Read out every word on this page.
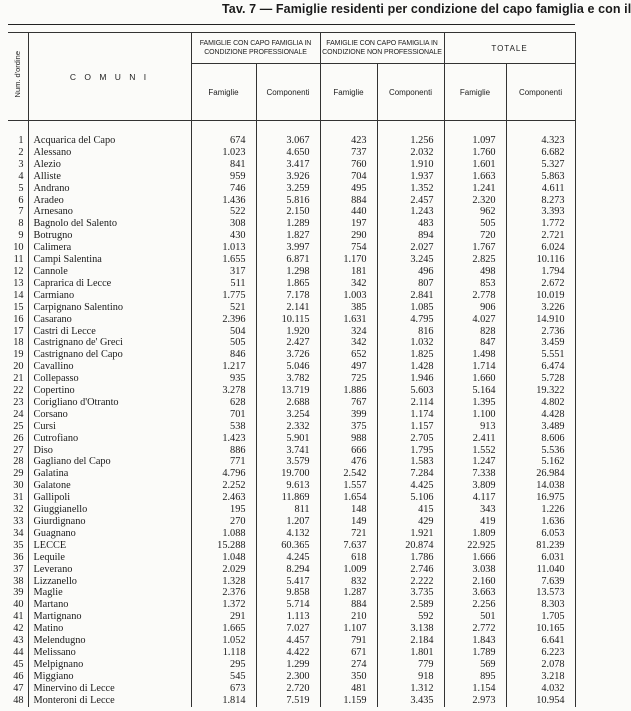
Tav. 7 — Famiglie residenti per condizione del capo famiglia e con il
Num. d'ordine	C O M U N I	FAMIGLIE CON CAPO FAMIGLIA IN CONDIZIONE PROFESSIONALE		FAMIGLIE CON CAPO FAMIGLIA IN CONDIZIONE NON PROFESSIONALE		TOTALE	
		Famiglie	Componenti	Famiglie	Componenti	Famiglie	Componenti

1	Acquarica del Capo	674	3.067	423	1.256	1.097	4.323
2	Alessano	1.023	4.650	737	2.032	1.760	6.682
3	Alezio	841	3.417	760	1.910	1.601	5.327
4	Alliste	959	3.926	704	1.937	1.663	5.863
5	Andrano	746	3.259	495	1.352	1.241	4.611
6	Aradeo	1.436	5.816	884	2.457	2.320	8.273
7	Arnesano	522	2.150	440	1.243	962	3.393
8	Bagnolo del Salento	308	1.289	197	483	505	1.772
9	Botrugno	430	1.827	290	894	720	2.721
10	Calimera	1.013	3.997	754	2.027	1.767	6.024
11	Campi Salentina	1.655	6.871	1.170	3.245	2.825	10.116
12	Cannole	317	1.298	181	496	498	1.794
13	Caprarica di Lecce	511	1.865	342	807	853	2.672
14	Carmiano	1.775	7.178	1.003	2.841	2.778	10.019
15	Carpignano Salentino	521	2.141	385	1.085	906	3.226
16	Casarano	2.396	10.115	1.631	4.795	4.027	14.910
17	Castri di Lecce	504	1.920	324	816	828	2.736
18	Castrignano de' Greci	505	2.427	342	1.032	847	3.459
19	Castrignano del Capo	846	3.726	652	1.825	1.498	5.551
20	Cavallino	1.217	5.046	497	1.428	1.714	6.474
21	Collepasso	935	3.782	725	1.946	1.660	5.728
22	Copertino	3.278	13.719	1.886	5.603	5.164	19.322
23	Corigliano d'Otranto	628	2.688	767	2.114	1.395	4.802
24	Corsano	701	3.254	399	1.174	1.100	4.428
25	Cursi	538	2.332	375	1.157	913	3.489
26	Cutrofiano	1.423	5.901	988	2.705	2.411	8.606
27	Diso	886	3.741	666	1.795	1.552	5.536
28	Gagliano del Capo	771	3.579	476	1.583	1.247	5.162
29	Galatina	4.796	19.700	2.542	7.284	7.338	26.984
30	Galatone	2.252	9.613	1.557	4.425	3.809	14.038
31	Gallipoli	2.463	11.869	1.654	5.106	4.117	16.975
32	Giuggianello	195	811	148	415	343	1.226
33	Giurdignano	270	1.207	149	429	419	1.636
34	Guagnano	1.088	4.132	721	1.921	1.809	6.053
35	LECCE	15.288	60.365	7.637	20.874	22.925	81.239
36	Lequile	1.048	4.245	618	1.786	1.666	6.031
37	Leverano	2.029	8.294	1.009	2.746	3.038	11.040
38	Lizzanello	1.328	5.417	832	2.222	2.160	7.639
39	Maglie	2.376	9.858	1.287	3.735	3.663	13.573
40	Martano	1.372	5.714	884	2.589	2.256	8.303
41	Martignano	291	1.113	210	592	501	1.705
42	Matino	1.665	7.027	1.107	3.138	2.772	10.165
43	Melendugno	1.052	4.457	791	2.184	1.843	6.641
44	Melissano	1.118	4.422	671	1.801	1.789	6.223
45	Melpignano	295	1.299	274	779	569	2.078
46	Miggiano	545	2.300	350	918	895	3.218
47	Minervino di Lecce	673	2.720	481	1.312	1.154	4.032
48	Monteroni di Lecce	1.814	7.519	1.159	3.435	2.973	10.954
